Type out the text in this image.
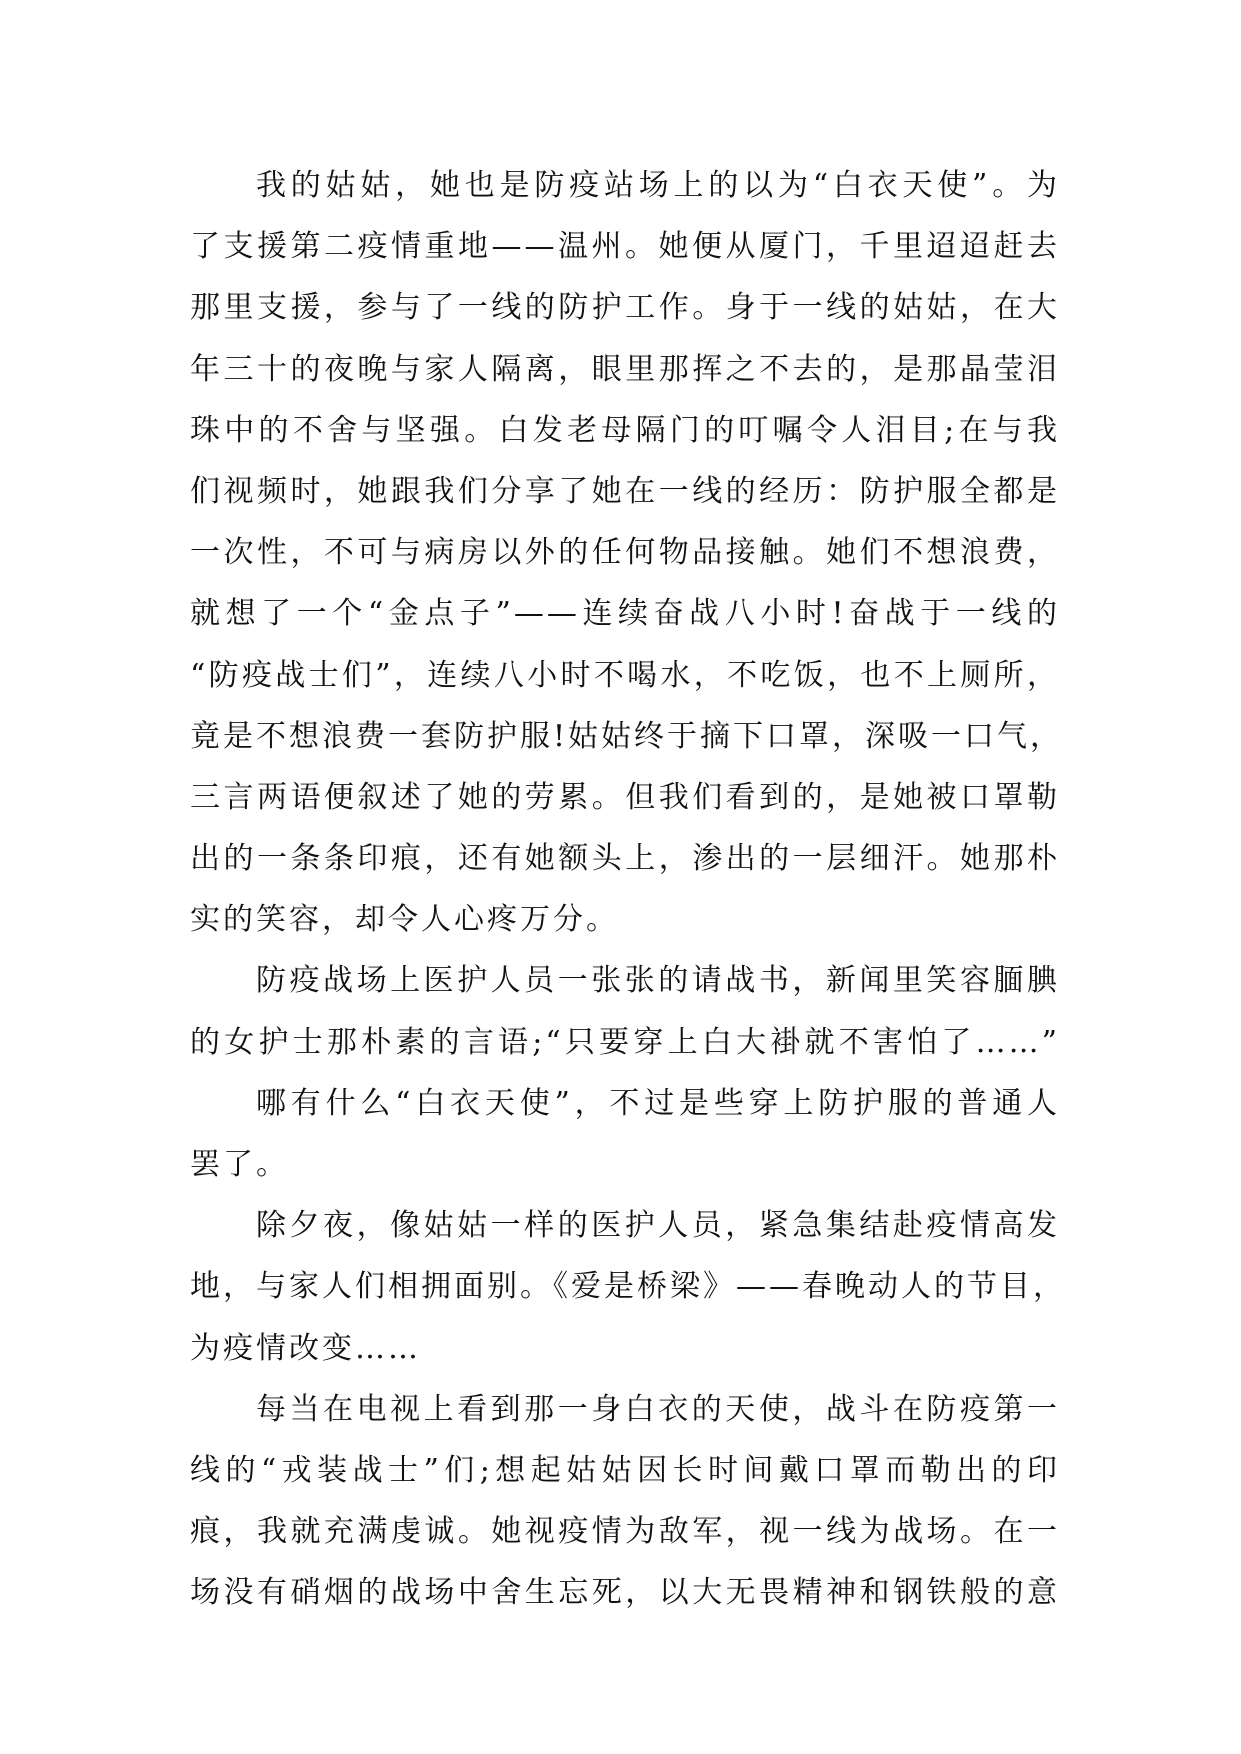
我的姑姑，她也是防疫站场上的以为“白衣天使”。为
了支援第二疫情重地——温州。她便从厦门，千里迢迢赶去
那里支援，参与了一线的防护工作。身于一线的姑姑，在大
年三十的夜晚与家人隔离，眼里那挥之不去的，是那晶莹泪
珠中的不舍与坚强。白发老母隔门的叮嘱令人泪目;在与我
们视频时，她跟我们分享了她在一线的经历：防护服全都是
一次性，不可与病房以外的任何物品接触。她们不想浪费，
就想了一个“金点子”——连续奋战八小时!奋战于一线的
“防疫战士们”，连续八小时不喝水，不吃饭，也不上厕所，
竟是不想浪费一套防护服!姑姑终于摘下口罩，深吸一口气，
三言两语便叙述了她的劳累。但我们看到的，是她被口罩勒
出的一条条印痕，还有她额头上，渗出的一层细汗。她那朴
实的笑容，却令人心疼万分。
防疫战场上医护人员一张张的请战书，新闻里笑容腼腆
的女护士那朴素的言语;“只要穿上白大褂就不害怕了……”
哪有什么“白衣天使”，不过是些穿上防护服的普通人
罢了。
除夕夜，像姑姑一样的医护人员，紧急集结赴疫情高发
地，与家人们相拥面别。《爱是桥梁》——春晚动人的节目，
为疫情改变……
每当在电视上看到那一身白衣的天使，战斗在防疫第一
线的“戎装战士”们;想起姑姑因长时间戴口罩而勒出的印
痕，我就充满虔诚。她视疫情为敌军，视一线为战场。在一
场没有硝烟的战场中舍生忘死，以大无畏精神和钢铁般的意
